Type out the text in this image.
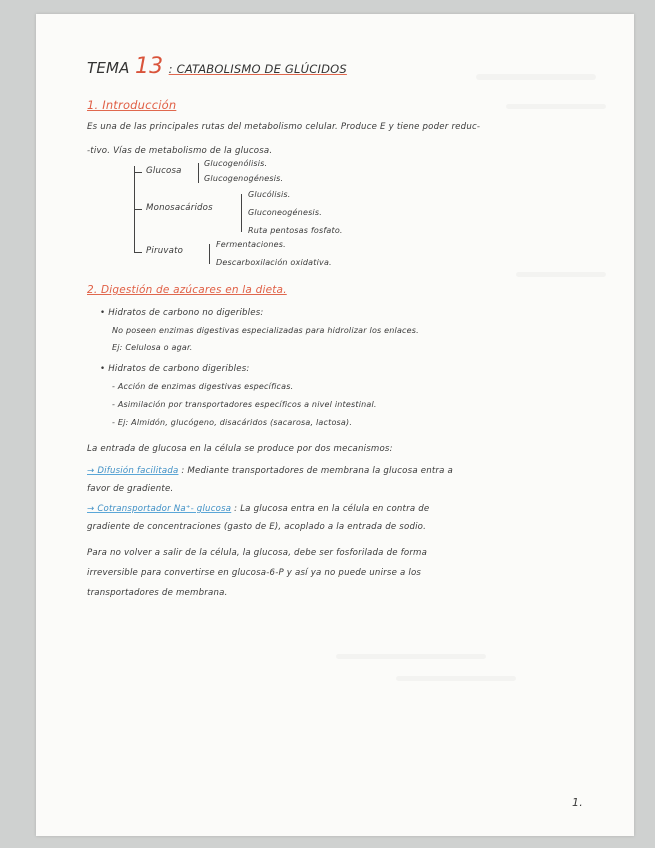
TEMA 13 : CATABOLISMO DE GLÚCIDOS
1. Introducción
Es una de las principales rutas del metabolismo celular. Produce E y tiene poder reduc-
-tivo. Vías de metabolismo de la glucosa.
Glucosa
Glucogenólisis.
Glucogenogénesis.
Monosacáridos
Glucólisis.
Gluconeogénesis.
Ruta pentosas fosfato.
Piruvato
Fermentaciones.
Descarboxilación oxidativa.
2. Digestión de azúcares en la dieta.
• Hidratos de carbono no digeribles:
No poseen enzimas digestivas especializadas para hidrolizar los enlaces.
Ej: Celulosa o agar.
• Hidratos de carbono digeribles:
- Acción de enzimas digestivas específicas.
- Asimilación por transportadores específicos a nivel intestinal.
- Ej: Almidón, glucógeno, disacáridos (sacarosa, lactosa).
La entrada de glucosa en la célula se produce por dos mecanismos:
→ Difusión facilitada : Mediante transportadores de membrana la glucosa entra a
favor de gradiente.
→ Cotransportador Na⁺- glucosa : La glucosa entra en la célula en contra de
gradiente de concentraciones (gasto de E), acoplado a la entrada de sodio.
Para no volver a salir de la célula, la glucosa, debe ser fosforilada de forma
irreversible para convertirse en glucosa-6-P y así ya no puede unirse a los
transportadores de membrana.
1.
